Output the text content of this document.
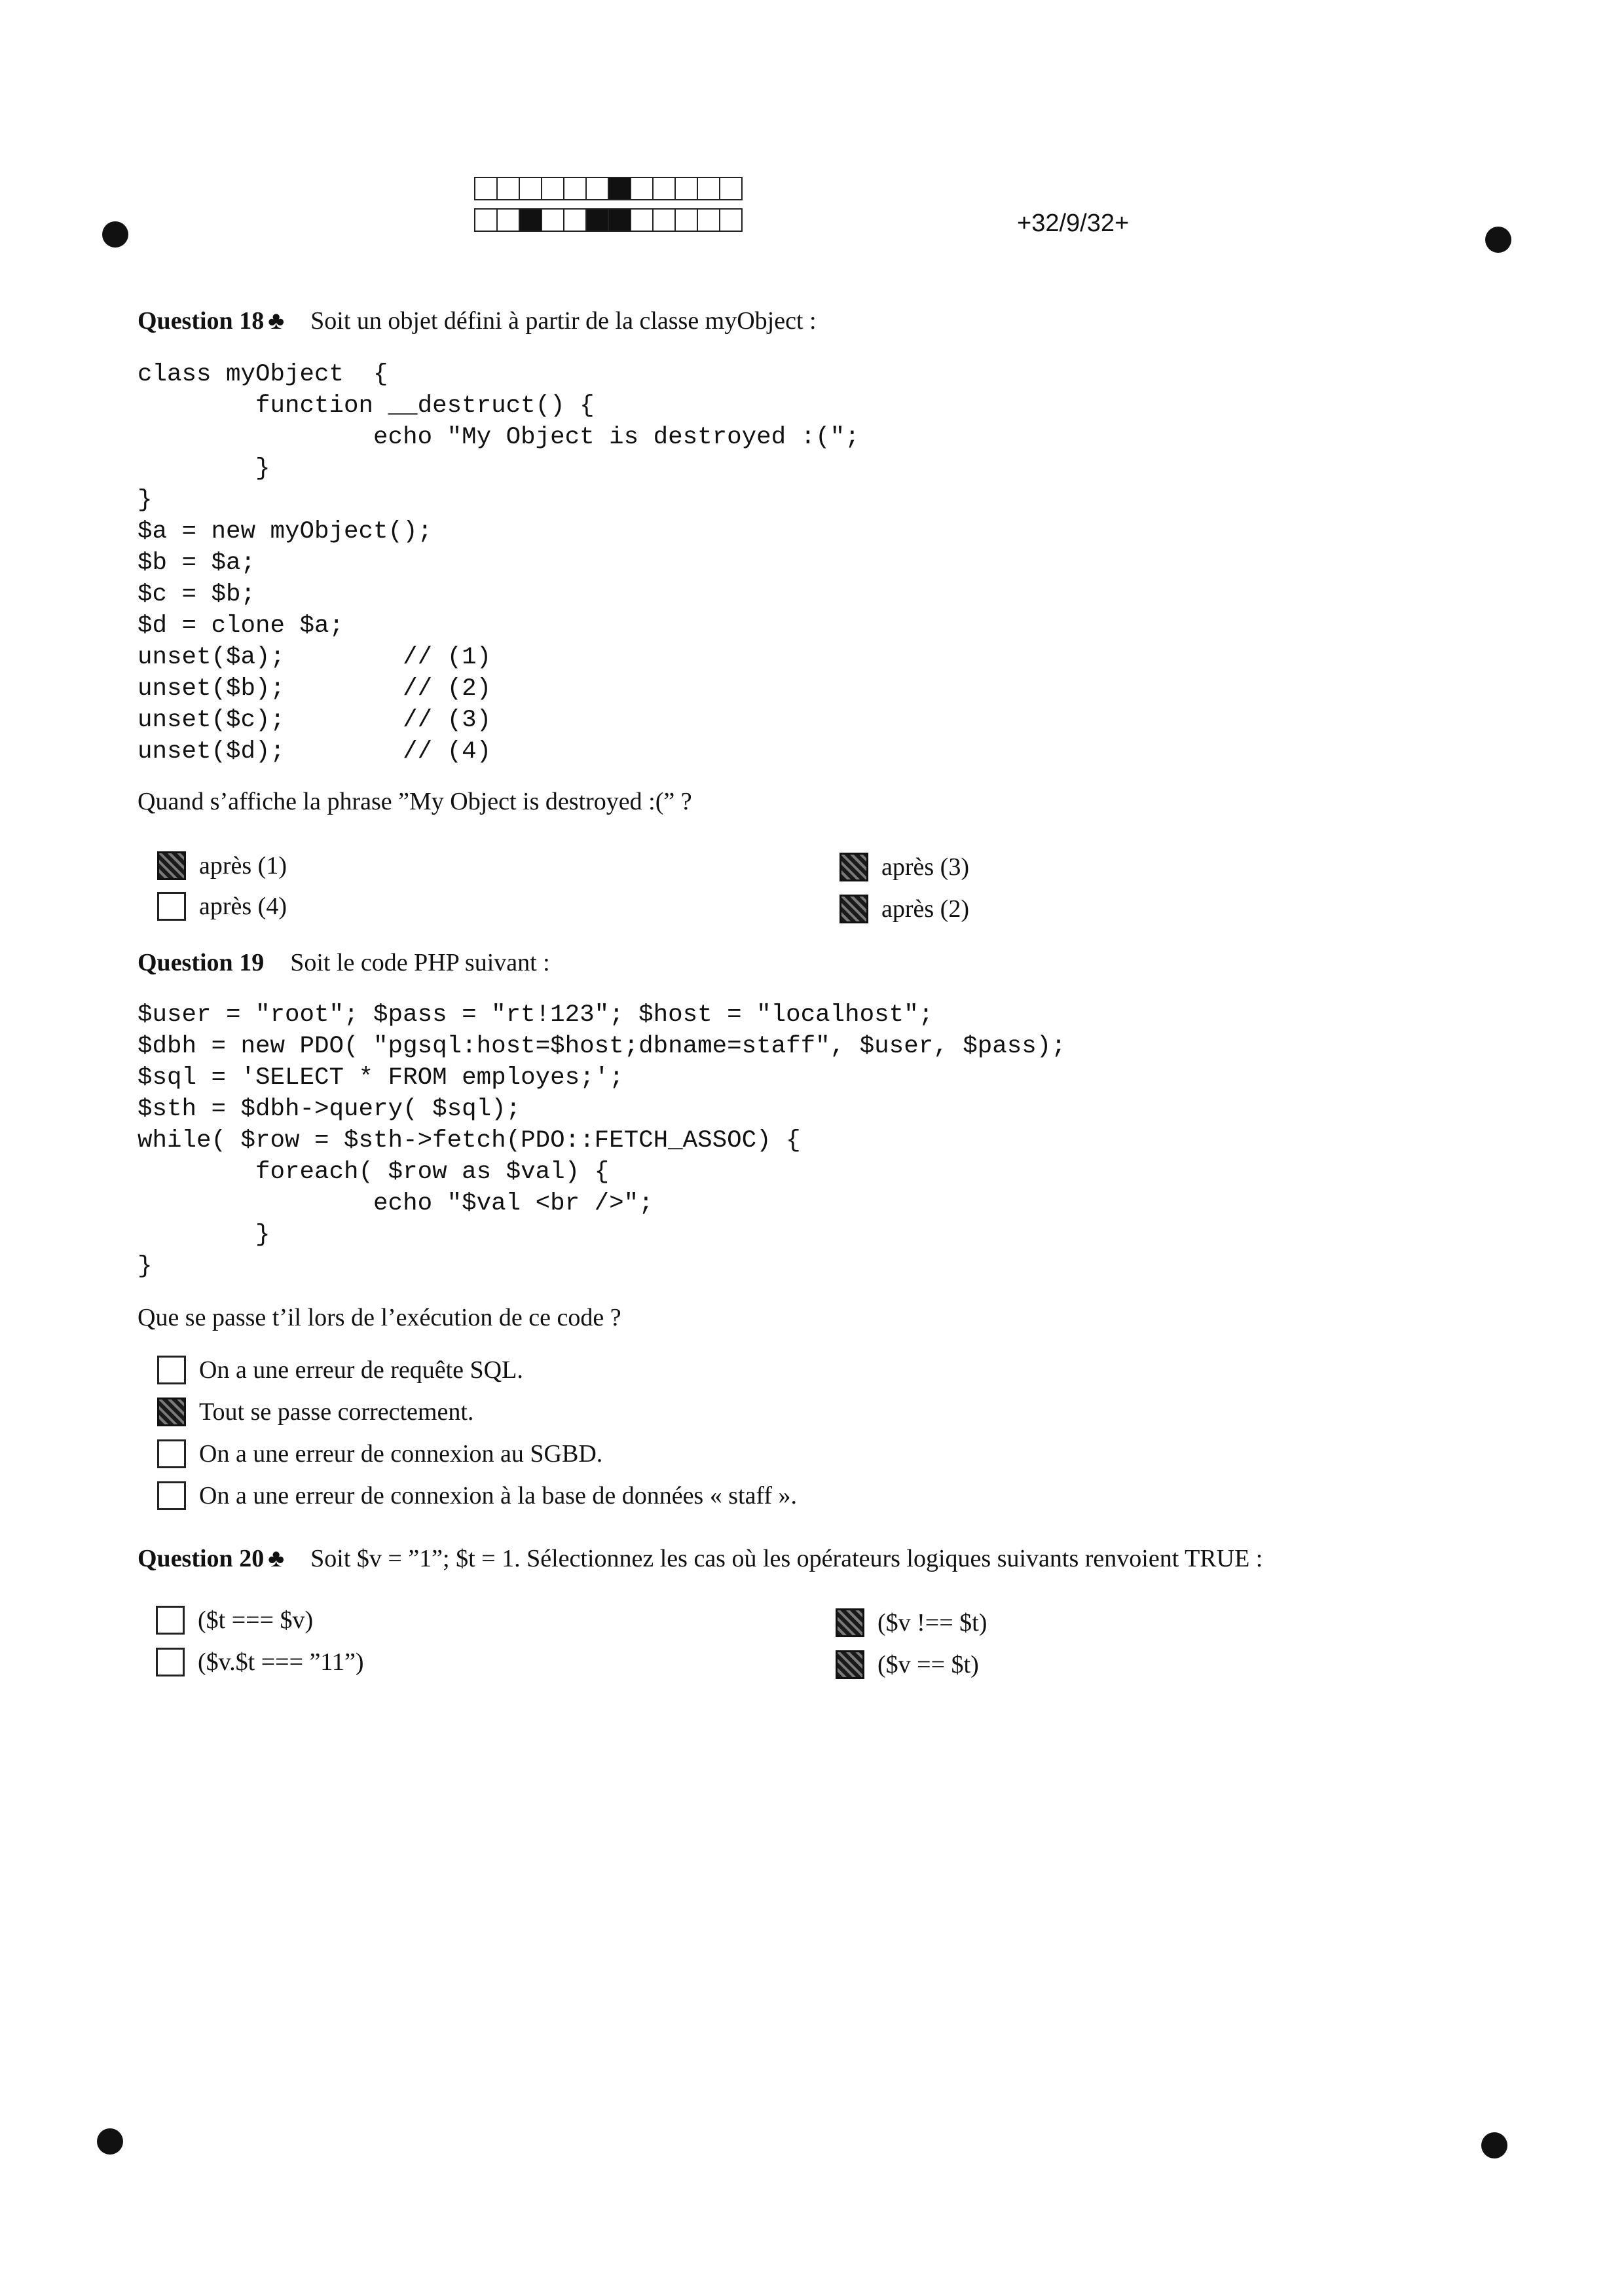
+32/9/32+
Question 18 ♣ Soit un objet défini à partir de la classe myObject :
class myObject  {
function __destruct() {
echo "My Object is destroyed :(";
}
}
$a = new myObject();
$b = $a;
$c = $b;
$d = clone $a;
unset($a);        // (1)
unset($b);        // (2)
unset($c);        // (3)
unset($d);        // (4)
Quand s’affiche la phrase ”My Object is destroyed :(” ?
après (1)
après (4)
après (3)
après (2)
Question 19 Soit le code PHP suivant :
$user = "root"; $pass = "rt!123"; $host = "localhost";
$dbh = new PDO( "pgsql:host=$host;dbname=staff", $user, $pass);
$sql = 'SELECT * FROM employes;';
$sth = $dbh->query( $sql);
while( $row = $sth->fetch(PDO::FETCH_ASSOC) {
foreach( $row as $val) {
echo "$val <br />";
}
}
Que se passe t’il lors de l’exécution de ce code ?
On a une erreur de requête SQL.
Tout se passe correctement.
On a une erreur de connexion au SGBD.
On a une erreur de connexion à la base de données « staff ».
Question 20 ♣ Soit $v = ”1”; $t = 1. Sélectionnez les cas où les opérateurs logiques suivants renvoient TRUE :
($t === $v)
($v.$t === ”11”)
($v !== $t)
($v == $t)
